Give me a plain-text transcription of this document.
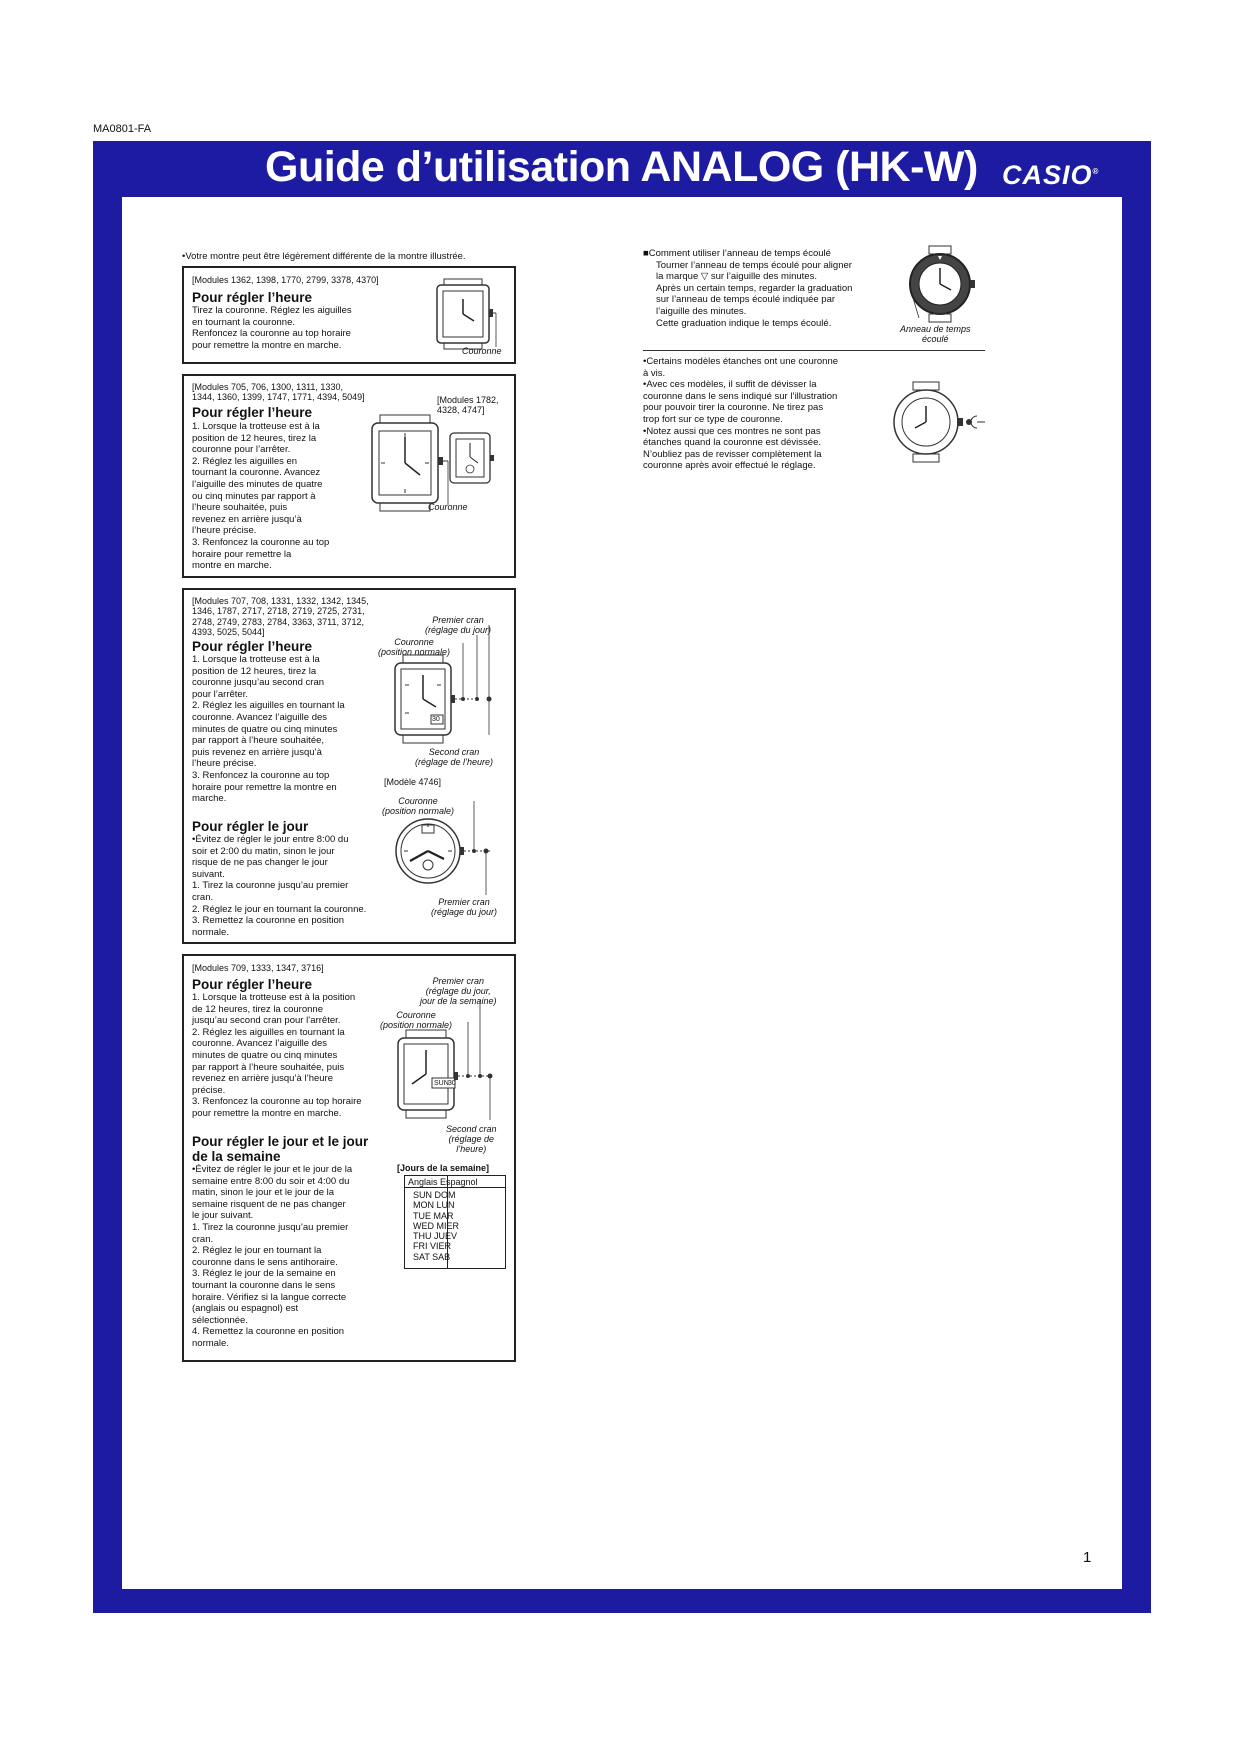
MA0801-FA
Guide d’utilisation ANALOG (HK-W) CASIO®
1
•Votre montre peut être légèrement différente de la montre illustrée.
[Modules 1362, 1398, 1770, 2799, 3378, 4370]
Pour régler l’heure
Tirez la couronne. Réglez les aiguilles
en tournant la couronne.
Renfoncez la couronne au top horaire
pour remettre la montre en marche.
Couronne
[Modules 705, 706, 1300, 1311, 1330,
1344, 1360, 1399, 1747, 1771, 4394, 5049]	[Modules 1782,
4328, 4747]
Pour régler l’heure
1. Lorsque la trotteuse est à la
position de 12 heures, tirez la
couronne pour l’arrêter.
2. Réglez les aiguilles en
tournant la couronne. Avancez
l’aiguille des minutes de quatre
ou cinq minutes par rapport à
l’heure souhaitée, puis
revenez en arrière jusqu’à
l’heure précise.
3. Renfoncez la couronne au top
horaire pour remettre la
montre en marche.
Couronne
[Modules 707, 708, 1331, 1332, 1342, 1345,
1346, 1787, 2717, 2718, 2719, 2725, 2731,
2748, 2749, 2783, 2784, 3363, 3711, 3712,
4393, 5025, 5044]
Pour régler l’heure
1. Lorsque la trotteuse est à la
position de 12 heures, tirez la
couronne jusqu’au second cran
pour l’arrêter.
2. Réglez les aiguilles en tournant la
couronne. Avancez l’aiguille des
minutes de quatre ou cinq minutes
par rapport à l’heure souhaitée,
puis revenez en arrière jusqu’à
l’heure précise.
3. Renfoncez la couronne au top
horaire pour remettre la montre en
marche.
Pour régler le jour
•Évitez de régler le jour entre 8:00 du
soir et 2:00 du matin, sinon le jour
risque de ne pas changer le jour
suivant.
1. Tirez la couronne jusqu’au premier
cran.
2. Réglez le jour en tournant la couronne.
3. Remettez la couronne en position
normale.
Premier cran
(réglage du jour)
Couronne
(position normale)
30
Second cran
(réglage de l’heure)
[Modèle 4746]
Couronne
(position normale)
Premier cran
(réglage du jour)
[Modules 709, 1333, 1347, 3716]
Pour régler l’heure
1. Lorsque la trotteuse est à la position
de 12 heures, tirez la couronne
jusqu’au second cran pour l’arrêter.
2. Réglez les aiguilles en tournant la
couronne. Avancez l’aiguille des
minutes de quatre ou cinq minutes
par rapport à l’heure souhaitée, puis
revenez en arrière jusqu’à l’heure
précise.
3. Renfoncez la couronne au top horaire
pour remettre la montre en marche.
Pour régler le jour et le jour
de la semaine
•Évitez de régler le jour et le jour de la
semaine entre 8:00 du soir et 4:00 du
matin, sinon le jour et le jour de la
semaine risquent de ne pas changer
le jour suivant.
1. Tirez la couronne jusqu’au premier
cran.
2. Réglez le jour en tournant la
couronne dans le sens antihoraire.
3. Réglez le jour de la semaine en
tournant la couronne dans le sens
horaire. Vérifiez si la langue correcte
(anglais ou espagnol) est
sélectionnée.
4. Remettez la couronne en position
normale.
Premier cran
(réglage du jour,
jour de la semaine)
Couronne
(position normale)
SUN 30
Second cran
(réglage de
l’heure)
[Jours de la semaine]
Anglais Espagnol
SUN DOM
MON LUN
TUE MAR
WED MIER
THU JUEV
FRI VIER
SAT SAB
■Comment utiliser l’anneau de temps écoulé
Tourner l’anneau de temps écoulé pour aligner
la marque ▽ sur l’aiguille des minutes.
Après un certain temps, regarder la graduation
sur l’anneau de temps écoulé indiquée par
l’aiguille des minutes.
Cette graduation indique le temps écoulé.
Anneau de temps
écoulé
•Certains modèles étanches ont une couronne
à vis.
•Avec ces modèles, il suffit de dévisser la
couronne dans le sens indiqué sur l’illustration
pour pouvoir tirer la couronne. Ne tirez pas
trop fort sur ce type de couronne.
•Notez aussi que ces montres ne sont pas
étanches quand la couronne est dévissée.
N’oubliez pas de revisser complètement la
couronne après avoir effectué le réglage.
